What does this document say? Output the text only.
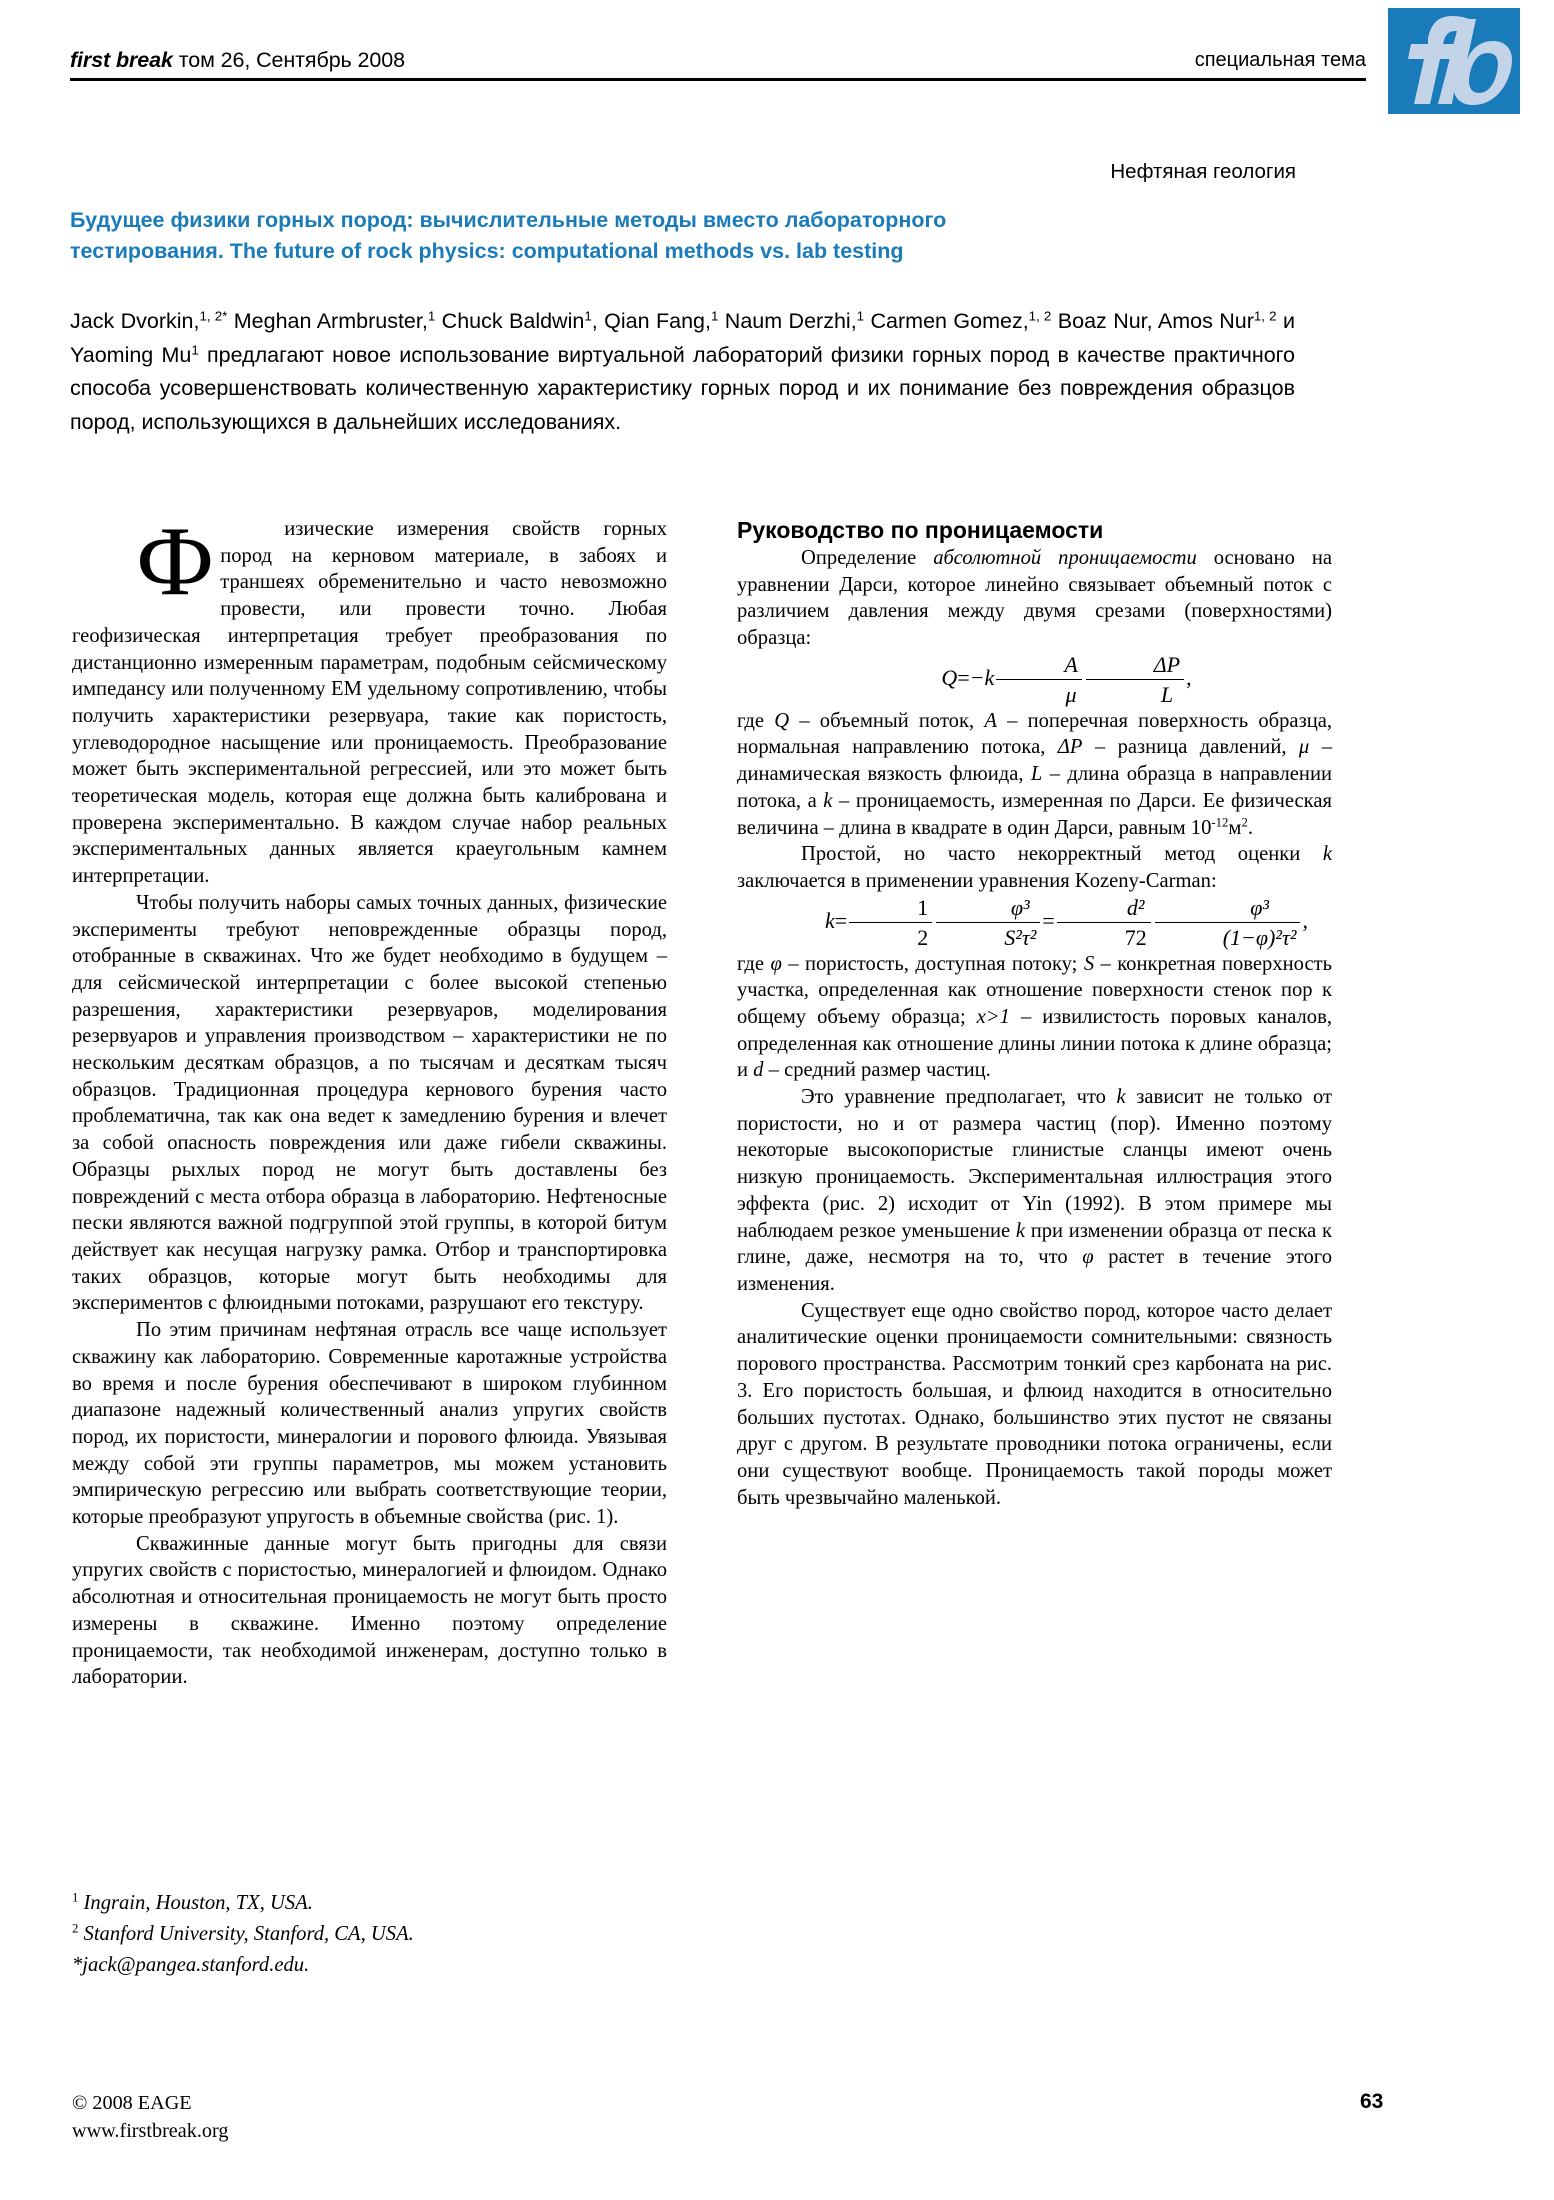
first break том 26, Сентябрь 2008	специальная тема
Нефтяная геология
Будущее физики горных пород: вычислительные методы вместо лабораторного
тестирования. The future of rock physics: computational methods vs. lab testing
Jack Dvorkin,$^{1, 2*}$ Meghan Armbruster,$^1$ Chuck Baldwin$^1$, Qian Fang,$^1$ Naum Derzhi,$^1$ Carmen Gomez,$^{1, 2}$ Boaz Nur, Amos Nur$^{1, 2}$ и Yaoming Mu$^1$ предлагают новое использование виртуальной лабораторий физики горных пород в качестве практичного способа усовершенствовать количественную характеристику горных пород и их понимание без повреждения образцов пород, использующихся в дальнейших исследованиях.

Ф	изические измерения свойств горных пород на керновом материале, в забоях и траншеях обременительно и часто невозможно провести, или провести точно. Любая геофизическая интерпретация требует преобразования по дистанционно измеренным параметрам, подобным сейсмическому импедансу или полученному EM удельному сопротивлению, чтобы получить характеристики резервуара, такие как пористость, углеводородное насыщение или проницаемость. Преобразование может быть экспериментальной регрессией, или это может быть теоретическая модель, которая еще должна быть калибрована и проверена экспериментально. В каждом случае набор реальных экспериментальных данных является краеугольным камнем интерпретации.

Чтобы получить наборы самых точных данных, физические эксперименты требуют неповрежденные образцы пород, отобранные в скважинах. Что же будет необходимо в будущем – для сейсмической интерпретации с более высокой степенью разрешения, характеристики резервуаров, моделирования резервуаров и управления производством – характеристики не по нескольким десяткам образцов, а по тысячам и десяткам тысяч образцов. Традиционная процедура кернового бурения часто проблематична, так как она ведет к замедлению бурения и влечет за собой опасность повреждения или даже гибели скважины. Образцы рыхлых пород не могут быть доставлены без повреждений с места отбора образца в лабораторию. Нефтеносные пески являются важной подгруппой этой группы, в которой битум действует как несущая нагрузку рамка. Отбор и транспортировка таких образцов, которые могут быть необходимы для экспериментов с флюидными потоками, разрушают его текстуру.

По этим причинам нефтяная отрасль все чаще использует скважину как лабораторию. Современные каротажные устройства во время и после бурения обеспечивают в широком глубинном диапазоне надежный количественный анализ упругих свойств пород, их пористости, минералогии и порового флюида. Увязывая между собой эти группы параметров, мы можем установить эмпирическую регрессию или выбрать соответствующие теории, которые преобразуют упругость в объемные свойства (рис. 1).

Скважинные данные могут быть пригодны для связи упругих свойств с пористостью, минералогией и флюидом. Однако абсолютная и относительная проницаемость не могут быть просто измерены в скважине. Именно поэтому определение проницаемости, так необходимой инженерам, доступно только в лаборатории.

Руководство по проницаемости

Определение абсолютной проницаемости основано на уравнении Дарси, которое линейно связывает объемный поток с различием давления между двумя срезами (поверхностями) образца:

$Q=-k \frac{A}{\mu} \frac{\Delta P}{L}$ ,

где Q – объемный поток, A – поперечная поверхность образца, нормальная направлению потока, ΔP – разница давлений, μ – динамическая вязкость флюида, L – длина образца в направлении потока, а k – проницаемость, измеренная по Дарси. Ее физическая величина – длина в квадрате в один Дарси, равным $10^{-12}м^2$.

Простой, но часто некорректный метод оценки k заключается в применении уравнения Kozeny-Carman:

$k= \frac{1}{2} \frac{\text{φ³}}{\text{S²τ²}} = \frac{\text{d²}}{72} \frac{\text{φ³}}{\text{(1−φ)²τ²}}$ ,

где φ – пористость, доступная потоку; S – конкретная поверхность участка, определенная как отношение поверхности стенок пор к общему объему образца; x>1 – извилистость поровых каналов, определенная как отношение длины линии потока к длине образца; и d – средний размер частиц.

Это уравнение предполагает, что k зависит не только от пористости, но и от размера частиц (пор). Именно поэтому некоторые высокопористые глинистые сланцы имеют очень низкую проницаемость. Экспериментальная иллюстрация этого эффекта (рис. 2) исходит от Yin (1992). В этом примере мы наблюдаем резкое уменьшение k при изменении образца от песка к глине, даже, несмотря на то, что φ растет в течение этого изменения.

Существует еще одно свойство пород, которое часто делает аналитические оценки проницаемости сомнительными: связность порового пространства. Рассмотрим тонкий срез карбоната на рис. 3. Его пористость большая, и флюид находится в относительно больших пустотах. Однако, большинство этих пустот не связаны друг с другом. В результате проводники потока ограничены, если они существуют вообще. Проницаемость такой породы может быть чрезвычайно маленькой.

$^1$ Ingrain, Houston, TX, USA.
$^2$ Stanford University, Stanford, CA, USA.
*jack@pangea.stanford.edu.
© 2008 EAGE
www.firstbreak.org
63
